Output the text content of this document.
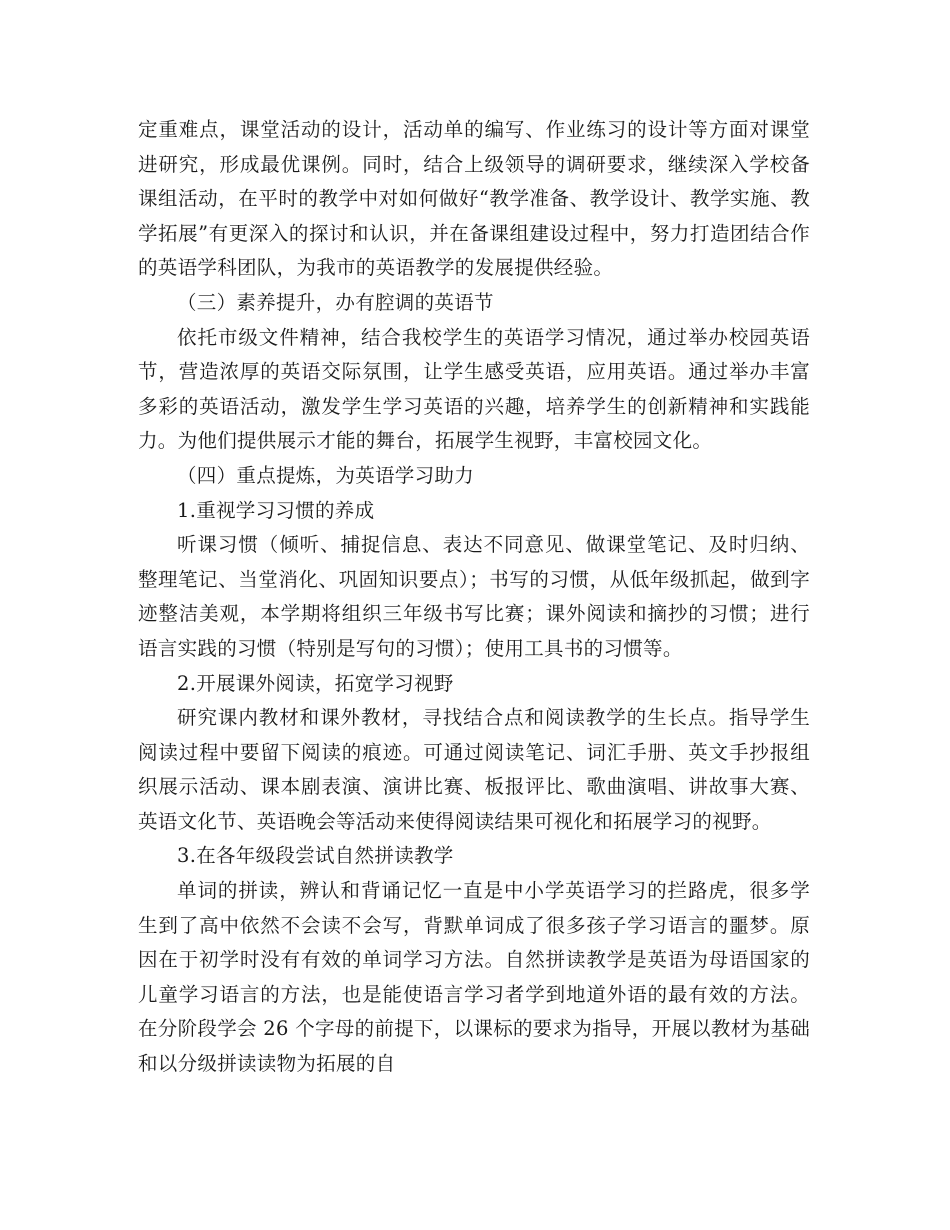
定重难点，课堂活动的设计，活动单的编写、作业练习的设计等方面对课堂进研究，形成最优课例。同时，结合上级领导的调研要求，继续深入学校备课组活动，在平时的教学中对如何做好“教学准备、教学设计、教学实施、教学拓展”有更深入的探讨和认识，并在备课组建设过程中，努力打造团结合作的英语学科团队，为我市的英语教学的发展提供经验。

（三）素养提升，办有腔调的英语节

依托市级文件精神，结合我校学生的英语学习情况，通过举办校园英语节，营造浓厚的英语交际氛围，让学生感受英语，应用英语。通过举办丰富多彩的英语活动，激发学生学习英语的兴趣，培养学生的创新精神和实践能力。为他们提供展示才能的舞台，拓展学生视野，丰富校园文化。

（四）重点提炼，为英语学习助力

1.重视学习习惯的养成

听课习惯（倾听、捕捉信息、表达不同意见、做课堂笔记、及时归纳、整理笔记、当堂消化、巩固知识要点）；书写的习惯，从低年级抓起，做到字迹整洁美观，本学期将组织三年级书写比赛；课外阅读和摘抄的习惯；进行语言实践的习惯（特别是写句的习惯）；使用工具书的习惯等。

2.开展课外阅读，拓宽学习视野

研究课内教材和课外教材，寻找结合点和阅读教学的生长点。指导学生阅读过程中要留下阅读的痕迹。可通过阅读笔记、词汇手册、英文手抄报组织展示活动、课本剧表演、演讲比赛、板报评比、歌曲演唱、讲故事大赛、英语文化节、英语晚会等活动来使得阅读结果可视化和拓展学习的视野。

3.在各年级段尝试自然拼读教学

单词的拼读，辨认和背诵记忆一直是中小学英语学习的拦路虎，很多学生到了高中依然不会读不会写，背默单词成了很多孩子学习语言的噩梦。原因在于初学时没有有效的单词学习方法。自然拼读教学是英语为母语国家的儿童学习语言的方法，也是能使语言学习者学到地道外语的最有效的方法。在分阶段学会 26 个字母的前提下，以课标的要求为指导，开展以教材为基础和以分级拼读读物为拓展的自
